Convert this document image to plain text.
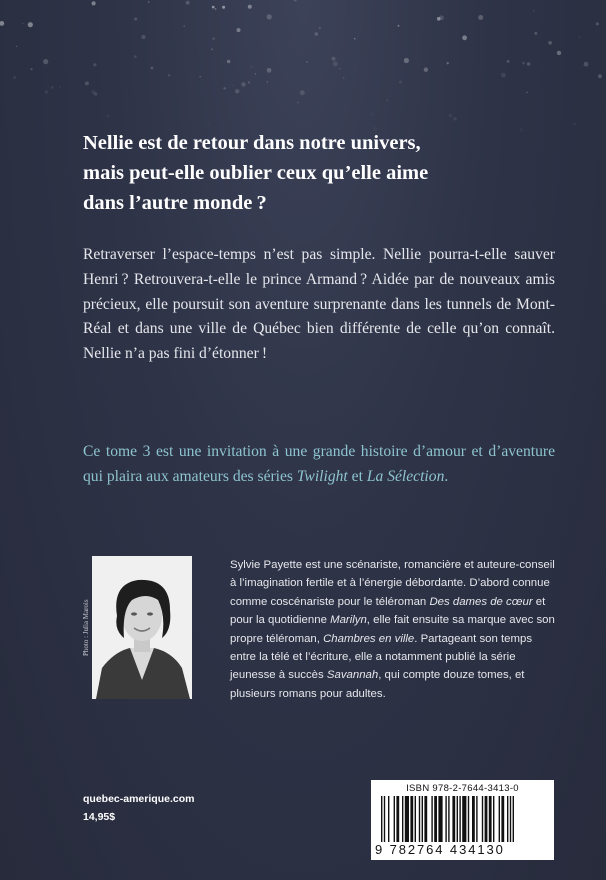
Nellie est de retour dans notre univers,
mais peut-elle oublier ceux qu’elle aime
dans l’autre monde ?

Retraverser l’espace-temps n’est pas simple. Nellie pourra-t-elle sauver Henri ? Retrouvera-t-elle le prince Armand ? Aidée par de nouveaux amis précieux, elle poursuit son aventure surprenante dans les tunnels de Mont-Réal et dans une ville de Québec bien différente de celle qu’on connaît. Nellie n’a pas fini d’étonner !

Ce tome 3 est une invitation à une grande histoire d’amour et d’aventure qui plaira aux amateurs des séries Twilight et La Sélection.

Photo : Julia Marois

Sylvie Payette est une scénariste, romancière et auteure-conseil à l’imagination fertile et à l’énergie débordante. D’abord connue comme coscénariste pour le téléroman Des dames de cœur et pour la quotidienne Marilyn, elle fait ensuite sa marque avec son propre téléroman, Chambres en ville. Partageant son temps entre la télé et l’écriture, elle a notamment publié la série jeunesse à succès Savannah, qui compte douze tomes, et plusieurs romans pour adultes.

quebec-amerique.com
14,95$
ISBN 978-2-7644-3413-0
9 782764 434130
